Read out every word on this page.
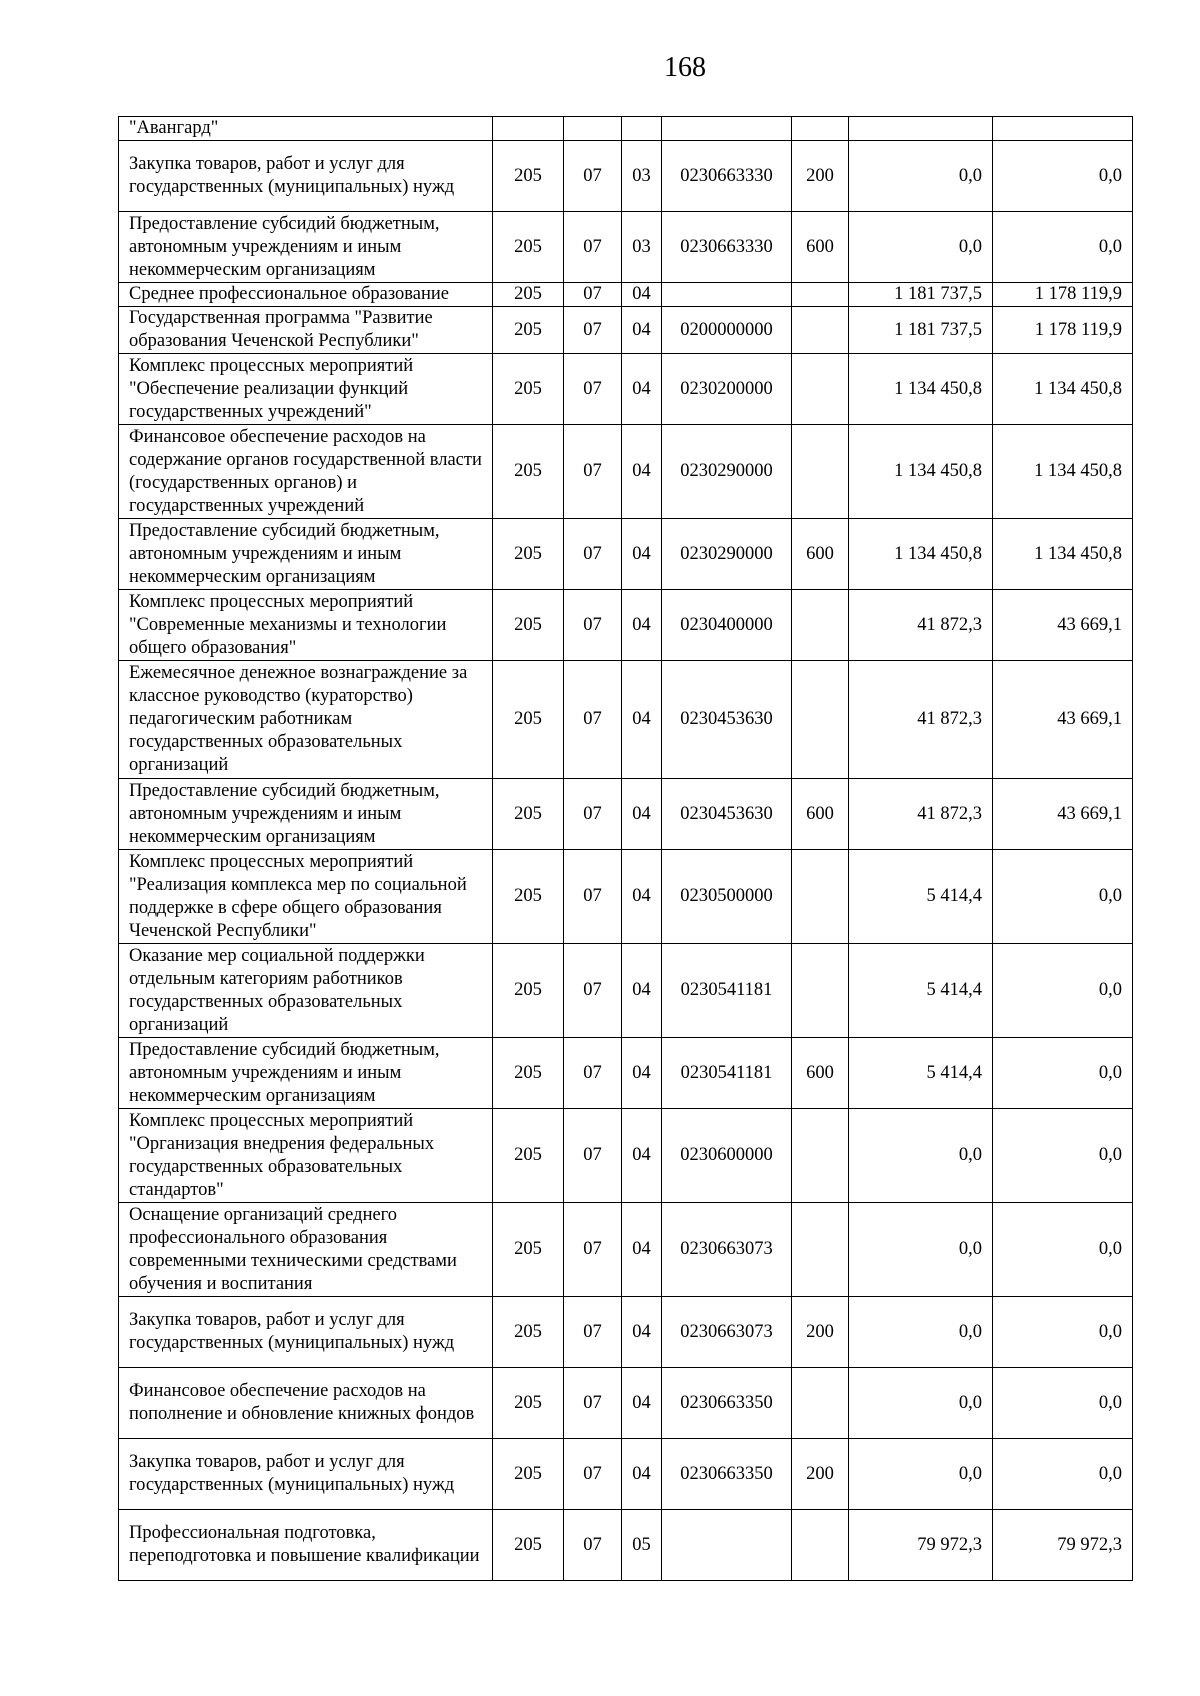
168
"Авангард"							
Закупка товаров, работ и услуг для государственных (муниципальных) нужд	205	07	03	0230663330	200	0,0	0,0
Предоставление субсидий бюджетным, автономным учреждениям и иным некоммерческим организациям	205	07	03	0230663330	600	0,0	0,0
Среднее профессиональное образование	205	07	04			1 181 737,5	1 178 119,9
Государственная программа "Развитие образования Чеченской Республики"	205	07	04	0200000000		1 181 737,5	1 178 119,9
Комплекс процессных мероприятий "Обеспечение реализации функций государственных учреждений"	205	07	04	0230200000		1 134 450,8	1 134 450,8
Финансовое обеспечение расходов на содержание органов государственной власти (государственных органов) и государственных учреждений	205	07	04	0230290000		1 134 450,8	1 134 450,8
Предоставление субсидий бюджетным, автономным учреждениям и иным некоммерческим организациям	205	07	04	0230290000	600	1 134 450,8	1 134 450,8
Комплекс процессных мероприятий "Современные механизмы и технологии общего образования"	205	07	04	0230400000		41 872,3	43 669,1
Ежемесячное денежное вознаграждение за классное руководство (кураторство) педагогическим работникам государственных образовательных организаций	205	07	04	0230453630		41 872,3	43 669,1
Предоставление субсидий бюджетным, автономным учреждениям и иным некоммерческим организациям	205	07	04	0230453630	600	41 872,3	43 669,1
Комплекс процессных мероприятий "Реализация комплекса мер по социальной поддержке в сфере общего образования Чеченской Республики"	205	07	04	0230500000		5 414,4	0,0
Оказание мер социальной поддержки отдельным категориям работников государственных образовательных организаций	205	07	04	0230541181		5 414,4	0,0
Предоставление субсидий бюджетным, автономным учреждениям и иным некоммерческим организациям	205	07	04	0230541181	600	5 414,4	0,0
Комплекс процессных мероприятий "Организация внедрения федеральных государственных образовательных стандартов"	205	07	04	0230600000		0,0	0,0
Оснащение организаций среднего профессионального образования современными техническими средствами обучения и воспитания	205	07	04	0230663073		0,0	0,0
Закупка товаров, работ и услуг для государственных (муниципальных) нужд	205	07	04	0230663073	200	0,0	0,0
Финансовое обеспечение расходов на пополнение и обновление книжных фондов	205	07	04	0230663350		0,0	0,0
Закупка товаров, работ и услуг для государственных (муниципальных) нужд	205	07	04	0230663350	200	0,0	0,0
Профессиональная подготовка, переподготовка и повышение квалификации	205	07	05			79 972,3	79 972,3
